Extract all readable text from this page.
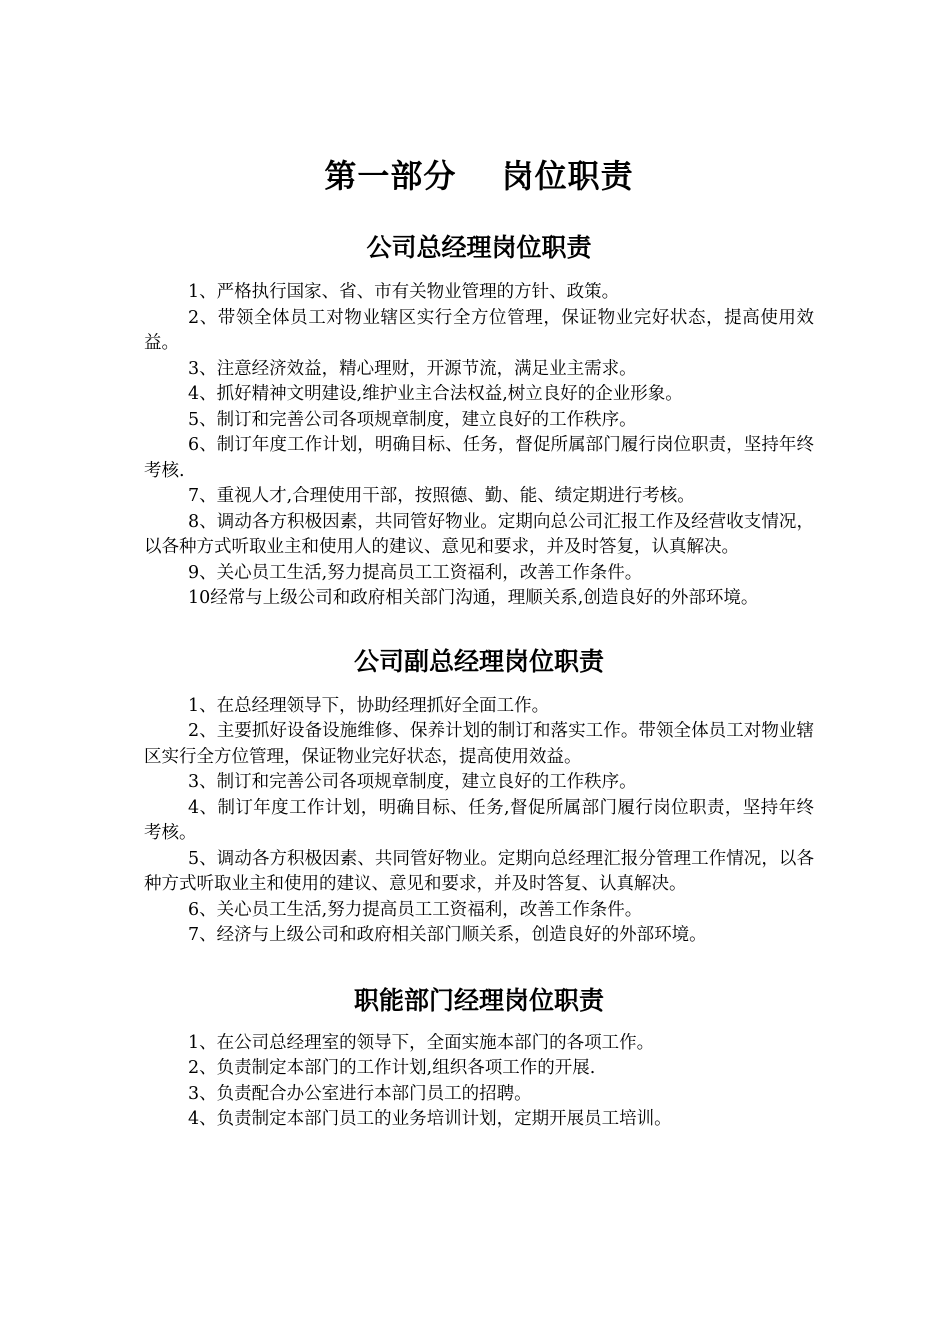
第一部分　 岗位职责
公司总经理岗位职责

1、严格执行国家、省、市有关物业管理的方针、政策。

2、带领全体员工对物业辖区实行全方位管理，保证物业完好状态，提高使用效益。

3、注意经济效益，精心理财，开源节流，满足业主需求。

4、抓好精神文明建设,维护业主合法权益,树立良好的企业形象。

5、制订和完善公司各项规章制度，建立良好的工作秩序。

6、制订年度工作计划，明确目标、任务，督促所属部门履行岗位职责，坚持年终考核.

7、重视人才,合理使用干部，按照德、勤、能、绩定期进行考核。

8、调动各方积极因素，共同管好物业。定期向总公司汇报工作及经营收支情况，以各种方式听取业主和使用人的建议、意见和要求，并及时答复，认真解决。

9、关心员工生活,努力提高员工工资福利，改善工作条件。

10经常与上级公司和政府相关部门沟通，理顺关系,创造良好的外部环境。

公司副总经理岗位职责

1、在总经理领导下，协助经理抓好全面工作。

2、主要抓好设备设施维修、保养计划的制订和落实工作。带领全体员工对物业辖区实行全方位管理，保证物业完好状态，提高使用效益。

3、制订和完善公司各项规章制度，建立良好的工作秩序。

4、制订年度工作计划，明确目标、任务,督促所属部门履行岗位职责，坚持年终考核。

5、调动各方积极因素、共同管好物业。定期向总经理汇报分管理工作情况，以各种方式听取业主和使用的建议、意见和要求，并及时答复、认真解决。

6、关心员工生活,努力提高员工工资福利，改善工作条件。

7、经济与上级公司和政府相关部门顺关系，创造良好的外部环境。

职能部门经理岗位职责

1、在公司总经理室的领导下，全面实施本部门的各项工作。

2、负责制定本部门的工作计划,组织各项工作的开展.

3、负责配合办公室进行本部门员工的招聘。

4、负责制定本部门员工的业务培训计划，定期开展员工培训。
